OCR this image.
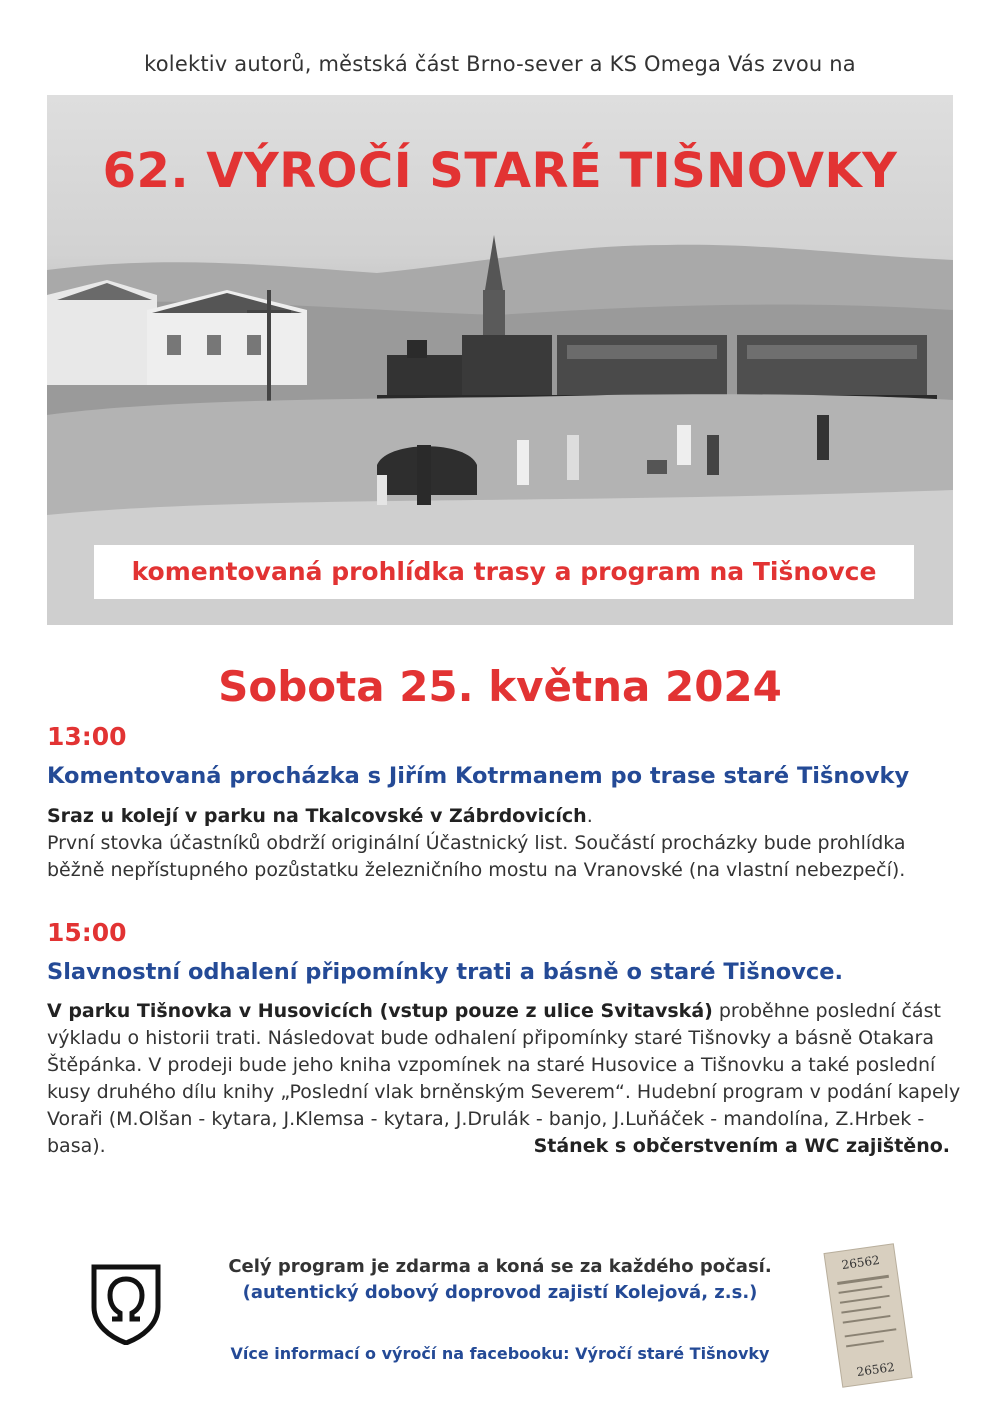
kolektiv autorů, městská část Brno-sever a KS Omega Vás zvou na
62. VÝROČÍ STARÉ TIŠNOVKY
komentovaná prohlídka trasy a program na Tišnovce
Sobota 25. května 2024
13:00
Komentovaná procházka s Jiřím Kotrmanem po trase staré Tišnovky
Sraz u kolejí v parku na Tkalcovské v Zábrdovicích.
První stovka účastníků obdrží originální Účastnický list. Součástí procházky bude prohlídka běžně nepřístupného pozůstatku železničního mostu na Vranovské (na vlastní nebezpečí).
15:00
Slavnostní odhalení připomínky trati a básně o staré Tišnovce.
V parku Tišnovka v Husovicích (vstup pouze z ulice Svitavská) proběhne poslední část výkladu o historii trati. Následovat bude odhalení připomínky staré Tišnovky a básně Otakara Štěpánka. V prodeji bude jeho kniha vzpomínek na staré Husovice a Tišnovku a také poslední kusy druhého dílu knihy „Poslední vlak brněnským Severem“. Hudební program v podání kapely Voraři (M.Olšan - kytara, J.Klemsa - kytara, J.Drulák - banjo, J.Luňáček - mandolína, Z.Hrbek - basa).	Stánek s občerstvením a WC zajištěno.
Celý program je zdarma a koná se za každého počasí.
(autentický dobový doprovod zajistí Kolejová, z.s.)
Více informací o výročí na facebooku: Výročí staré Tišnovky
26562
26562
